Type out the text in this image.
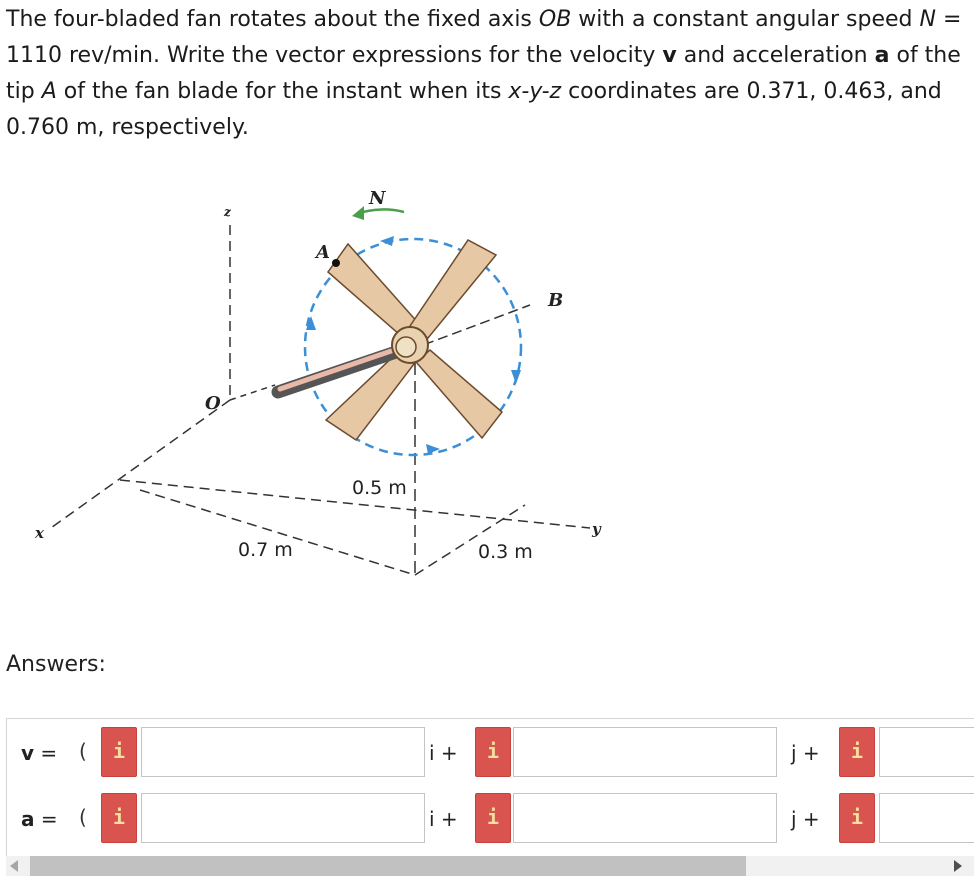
The four-bladed fan rotates about the fixed axis OB with a constant angular speed N = 1110 rev/min. Write the vector expressions for the velocity v and acceleration a of the tip A of the fan blade for the instant when its x-y-z coordinates are 0.371, 0.463, and 0.760 m, respectively.
z
O
x	y
A
B
N
0.5 m
0.7 m	0.3 m
Answers:
v = (	i	i +	i	j +	i
a = (	i	i +	i	j +	i
